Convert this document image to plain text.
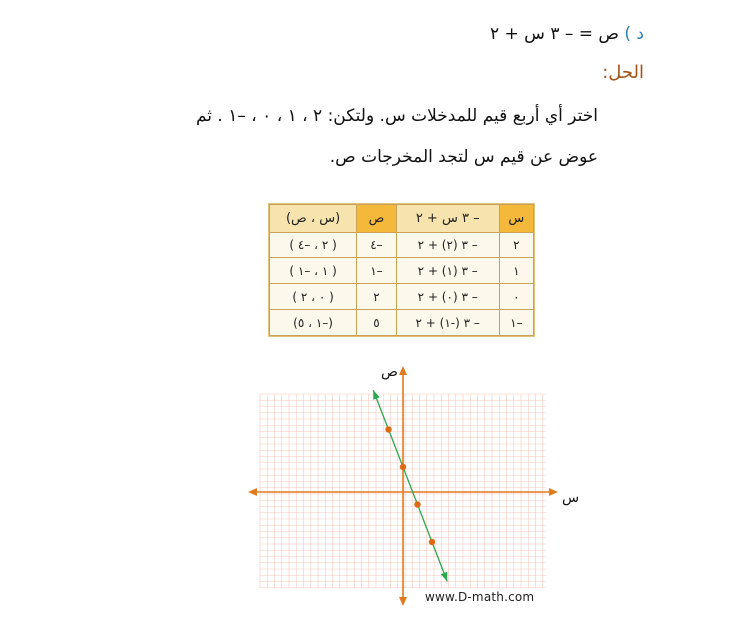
د ) ص = – ٣ س + ٢
الحل:
اختر أي أربع قيم للمدخلات س. ولتكن: ٢ ، ١ ، ٠ ، –١ . ثم
عوض عن قيم س لتجد المخرجات ص.
س	– ٣ س + ٢	ص	(س ، ص)
٢	– ٣ (٢) + ٢	–٤	( ٢ ، –٤ )
١	– ٣ (١) + ٢	–١	( ١ ، –١ )
٠	– ٣ (٠) + ٢	٢	( ٠ ، ٢ )
–١	– ٣ (-١) + ٢	٥	(–١ ، ٥)
س
ص
www.D-math.com
